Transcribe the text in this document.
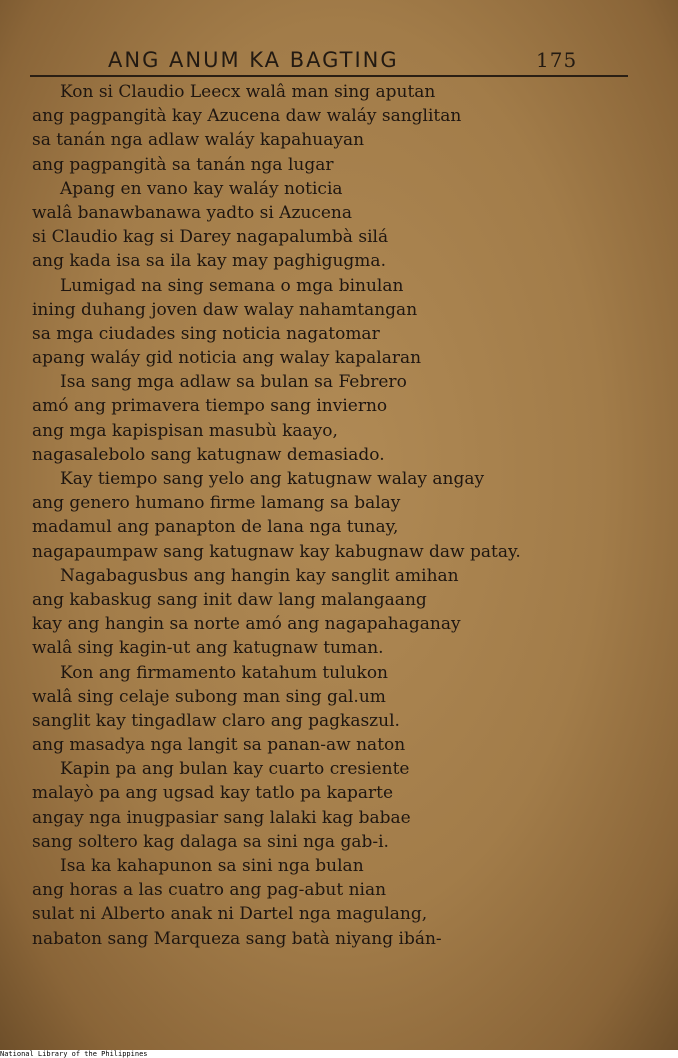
ANG ANUM KA BAGTING	175
Kon si Claudio Leecx walâ man sing aputan
ang pagpangità kay Azucena daw waláy sanglitan
sa tanán nga adlaw waláy kapahuayan
ang pagpangità sa tanán nga lugar
Apang en vano kay waláy noticia
walâ banawbanawa yadto si Azucena
si Claudio kag si Darey nagapalumbà silá
ang kada isa sa ila kay may paghigugma.
Lumigad na sing semana o mga binulan
ining duhang joven daw walay nahamtangan
sa mga ciudades sing noticia nagatomar
apang waláy gid noticia ang walay kapalaran
Isa sang mga adlaw sa bulan sa Febrero
amó ang primavera tiempo sang invierno
ang mga kapispisan masubù kaayo,
nagasalebolo sang katugnaw demasiado.
Kay tiempo sang yelo ang katugnaw walay angay
ang genero humano firme lamang sa balay
madamul ang panapton de lana nga tunay,
nagapaumpaw sang katugnaw kay kabugnaw daw patay.
Nagabagusbus ang hangin kay sanglit amihan
ang kabaskug sang init daw lang malangaang
kay ang hangin sa norte amó ang nagapahaganay
walâ sing kagin-ut ang katugnaw tuman.
Kon ang firmamento katahum tulukon
walâ sing celaje subong man sing gal.um
sanglit kay tingadlaw claro ang pagkaszul.
ang masadya nga langit sa panan-aw naton
Kapin pa ang bulan kay cuarto cresiente
malayò pa ang ugsad kay tatlo pa kaparte
angay nga inugpasiar sang lalaki kag babae
sang soltero kag dalaga sa sini nga gab-i.
Isa ka kahapunon sa sini nga bulan
ang horas a las cuatro ang pag-abut nian
sulat ni Alberto anak ni Dartel nga magulang,
nabaton sang Marqueza sang batà niyang ibán-
National Library of the Philippines
